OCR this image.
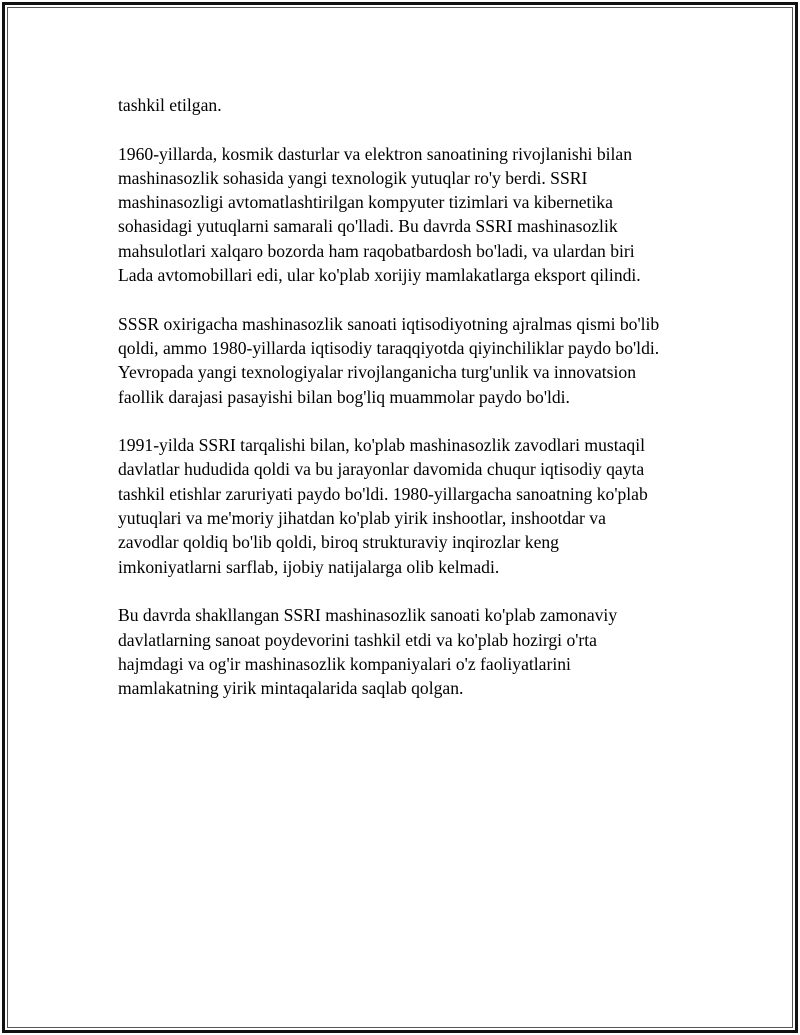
tashkil etilgan.

1960-yillarda, kosmik dasturlar va elektron sanoatining rivojlanishi bilan
mashinasozlik sohasida yangi texnologik yutuqlar ro'y berdi. SSRI
mashinasozligi avtomatlashtirilgan kompyuter tizimlari va kibernetika
sohasidagi yutuqlarni samarali qo'lladi. Bu davrda SSRI mashinasozlik
mahsulotlari xalqaro bozorda ham raqobatbardosh bo'ladi, va ulardan biri
Lada avtomobillari edi, ular ko'plab xorijiy mamlakatlarga eksport qilindi.

SSSR oxirigacha mashinasozlik sanoati iqtisodiyotning ajralmas qismi bo'lib
qoldi, ammo 1980-yillarda iqtisodiy taraqqiyotda qiyinchiliklar paydo bo'ldi.
Yevropada yangi texnologiyalar rivojlanganicha turg'unlik va innovatsion
faollik darajasi pasayishi bilan bog'liq muammolar paydo bo'ldi.

1991-yilda SSRI tarqalishi bilan, ko'plab mashinasozlik zavodlari mustaqil
davlatlar hududida qoldi va bu jarayonlar davomida chuqur iqtisodiy qayta
tashkil etishlar zaruriyati paydo bo'ldi. 1980-yillargacha sanoatning ko'plab
yutuqlari va me'moriy jihatdan ko'plab yirik inshootlar, inshootdar va
zavodlar qoldiq bo'lib qoldi, biroq strukturaviy inqirozlar keng
imkoniyatlarni sarflab, ijobiy natijalarga olib kelmadi.

Bu davrda shakllangan SSRI mashinasozlik sanoati ko'plab zamonaviy
davlatlarning sanoat poydevorini tashkil etdi va ko'plab hozirgi o'rta
hajmdagi va og'ir mashinasozlik kompaniyalari o'z faoliyatlarini
mamlakatning yirik mintaqalarida saqlab qolgan.
